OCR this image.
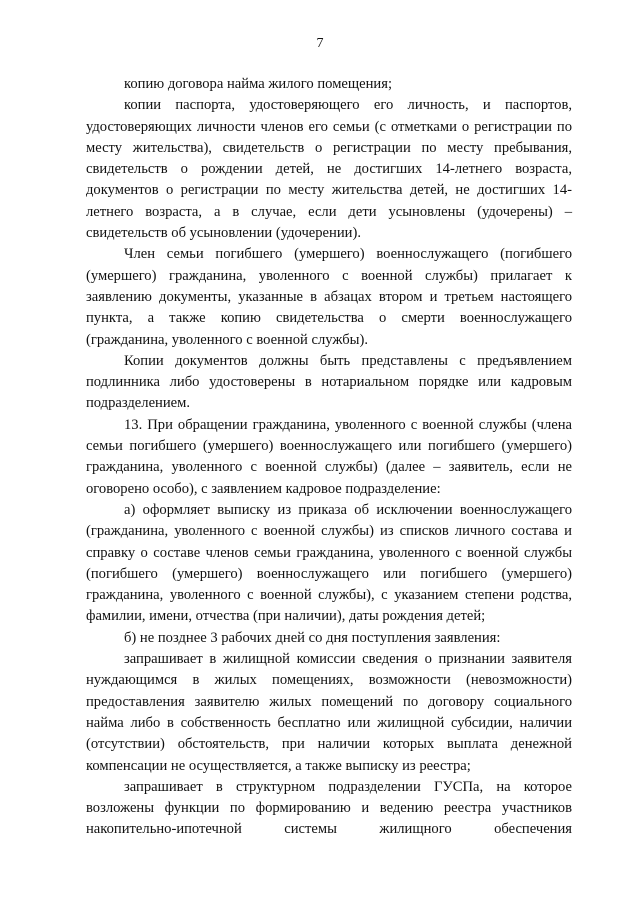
7

копию договора найма жилого помещения;

копии паспорта, удостоверяющего его личность, и паспортов, удостоверяющих личности членов его семьи (с отметками о регистрации по месту жительства), свидетельств о регистрации по месту пребывания, свидетельств о рождении детей, не достигших 14-летнего возраста, документов о регистрации по месту жительства детей, не достигших 14-летнего возраста, а в случае, если дети усыновлены (удочерены) – свидетельств об усыновлении (удочерении).

Член семьи погибшего (умершего) военнослужащего (погибшего (умершего) гражданина, уволенного с военной службы) прилагает к заявлению документы, указанные в абзацах втором и третьем настоящего пункта, а также копию свидетельства о смерти военнослужащего (гражданина, уволенного с военной службы).

Копии документов должны быть представлены с предъявлением подлинника либо удостоверены в нотариальном порядке или кадровым подразделением.

13. При обращении гражданина, уволенного с военной службы (члена семьи погибшего (умершего) военнослужащего или погибшего (умершего) гражданина, уволенного с военной службы) (далее – заявитель, если не оговорено особо), с заявлением кадровое подразделение:

а) оформляет выписку из приказа об исключении военнослужащего (гражданина, уволенного с военной службы) из списков личного состава и справку о составе членов семьи гражданина, уволенного с военной службы (погибшего (умершего) военнослужащего или погибшего (умершего) гражданина, уволенного с военной службы), с указанием степени родства, фамилии, имени, отчества (при наличии), даты рождения детей;

б) не позднее 3 рабочих дней со дня поступления заявления:

запрашивает в жилищной комиссии сведения о признании заявителя нуждающимся в жилых помещениях, возможности (невозможности) предоставления заявителю жилых помещений по договору социального найма либо в собственность бесплатно или жилищной субсидии, наличии (отсутствии) обстоятельств, при наличии которых выплата денежной компенсации не осуществляется, а также выписку из реестра;

запрашивает в структурном подразделении ГУСПа, на которое возложены функции по формированию и ведению реестра участников накопительно-ипотечной системы жилищного обеспечения
